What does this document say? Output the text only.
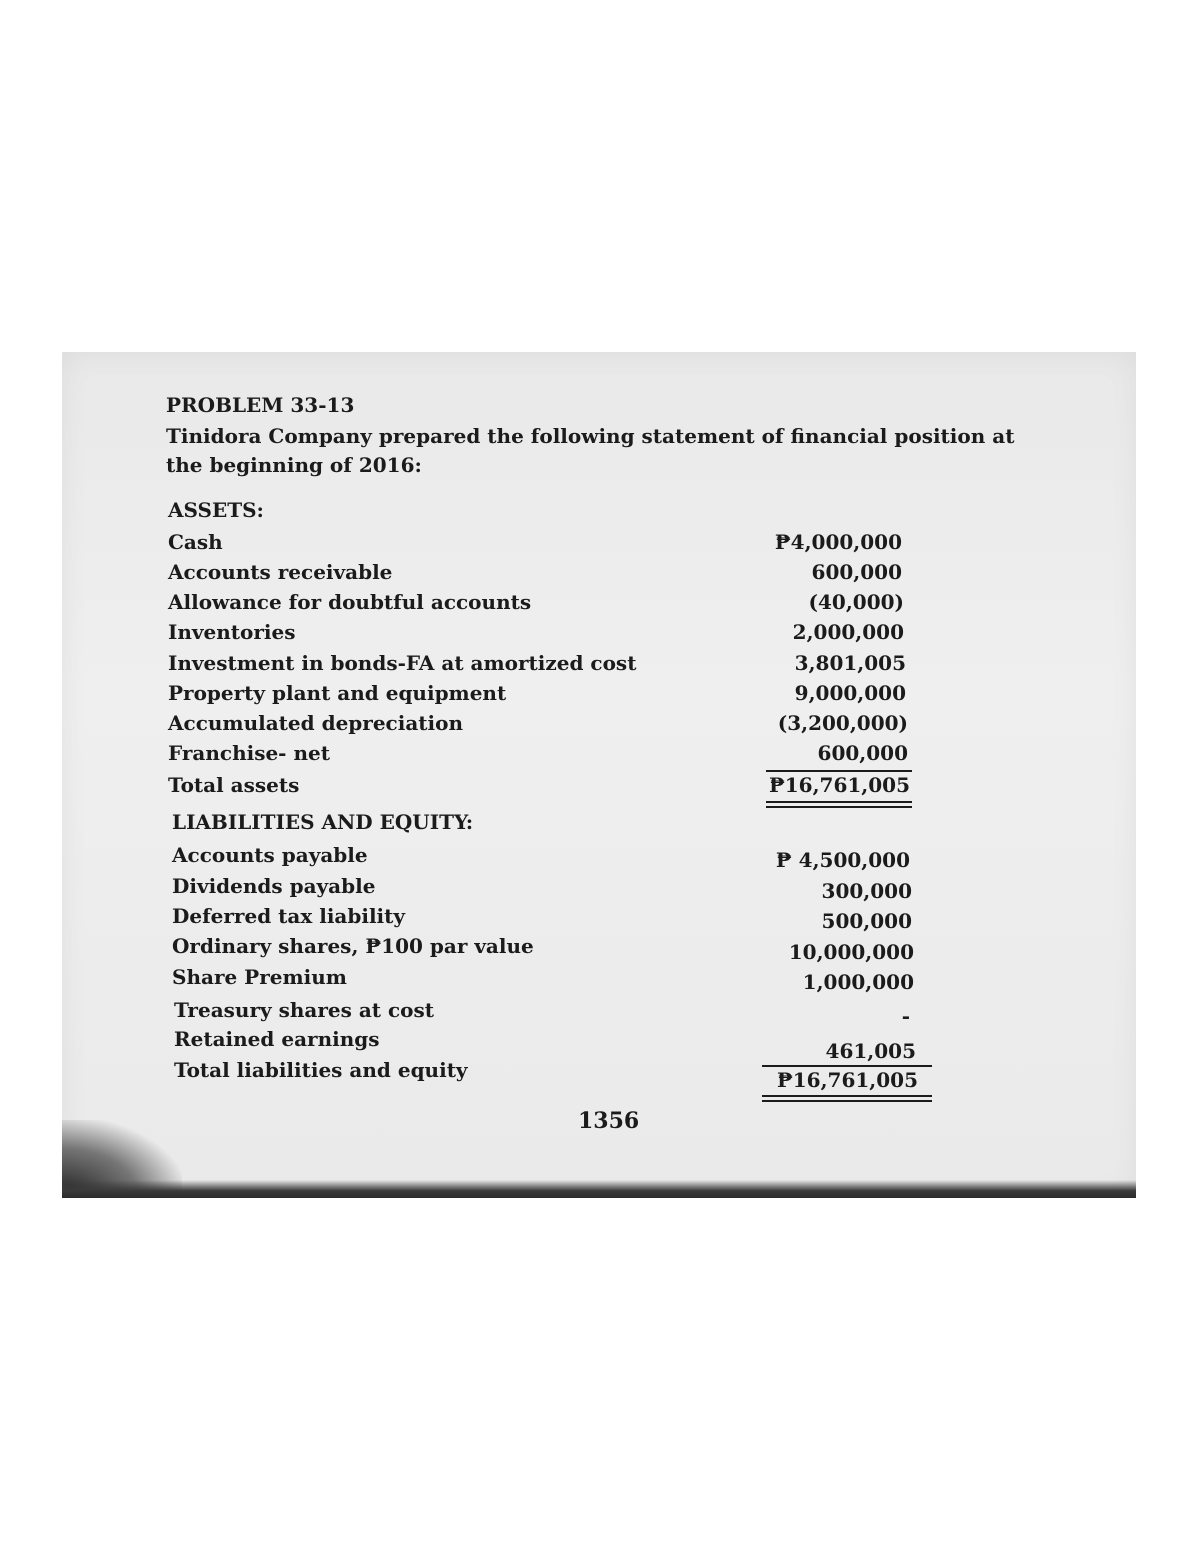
PROBLEM 33-13
Tinidora Company prepared the following statement of financial position at the beginning of 2016:
ASSETS:
Cash	₱4,000,000
Accounts receivable	600,000
Allowance for doubtful accounts	(40,000)
Inventories	2,000,000
Investment in bonds-FA at amortized cost	3,801,005
Property plant and equipment	9,000,000
Accumulated depreciation	(3,200,000)
Franchise- net	600,000
Total assets	₱16,761,005
LIABILITIES AND EQUITY:
Accounts payable	₱ 4,500,000
Dividends payable	300,000
Deferred tax liability	500,000
Ordinary shares, ₱100 par value	10,000,000
Share Premium	1,000,000
Treasury shares at cost	-
Retained earnings	461,005
Total liabilities and equity	₱16,761,005
1356
